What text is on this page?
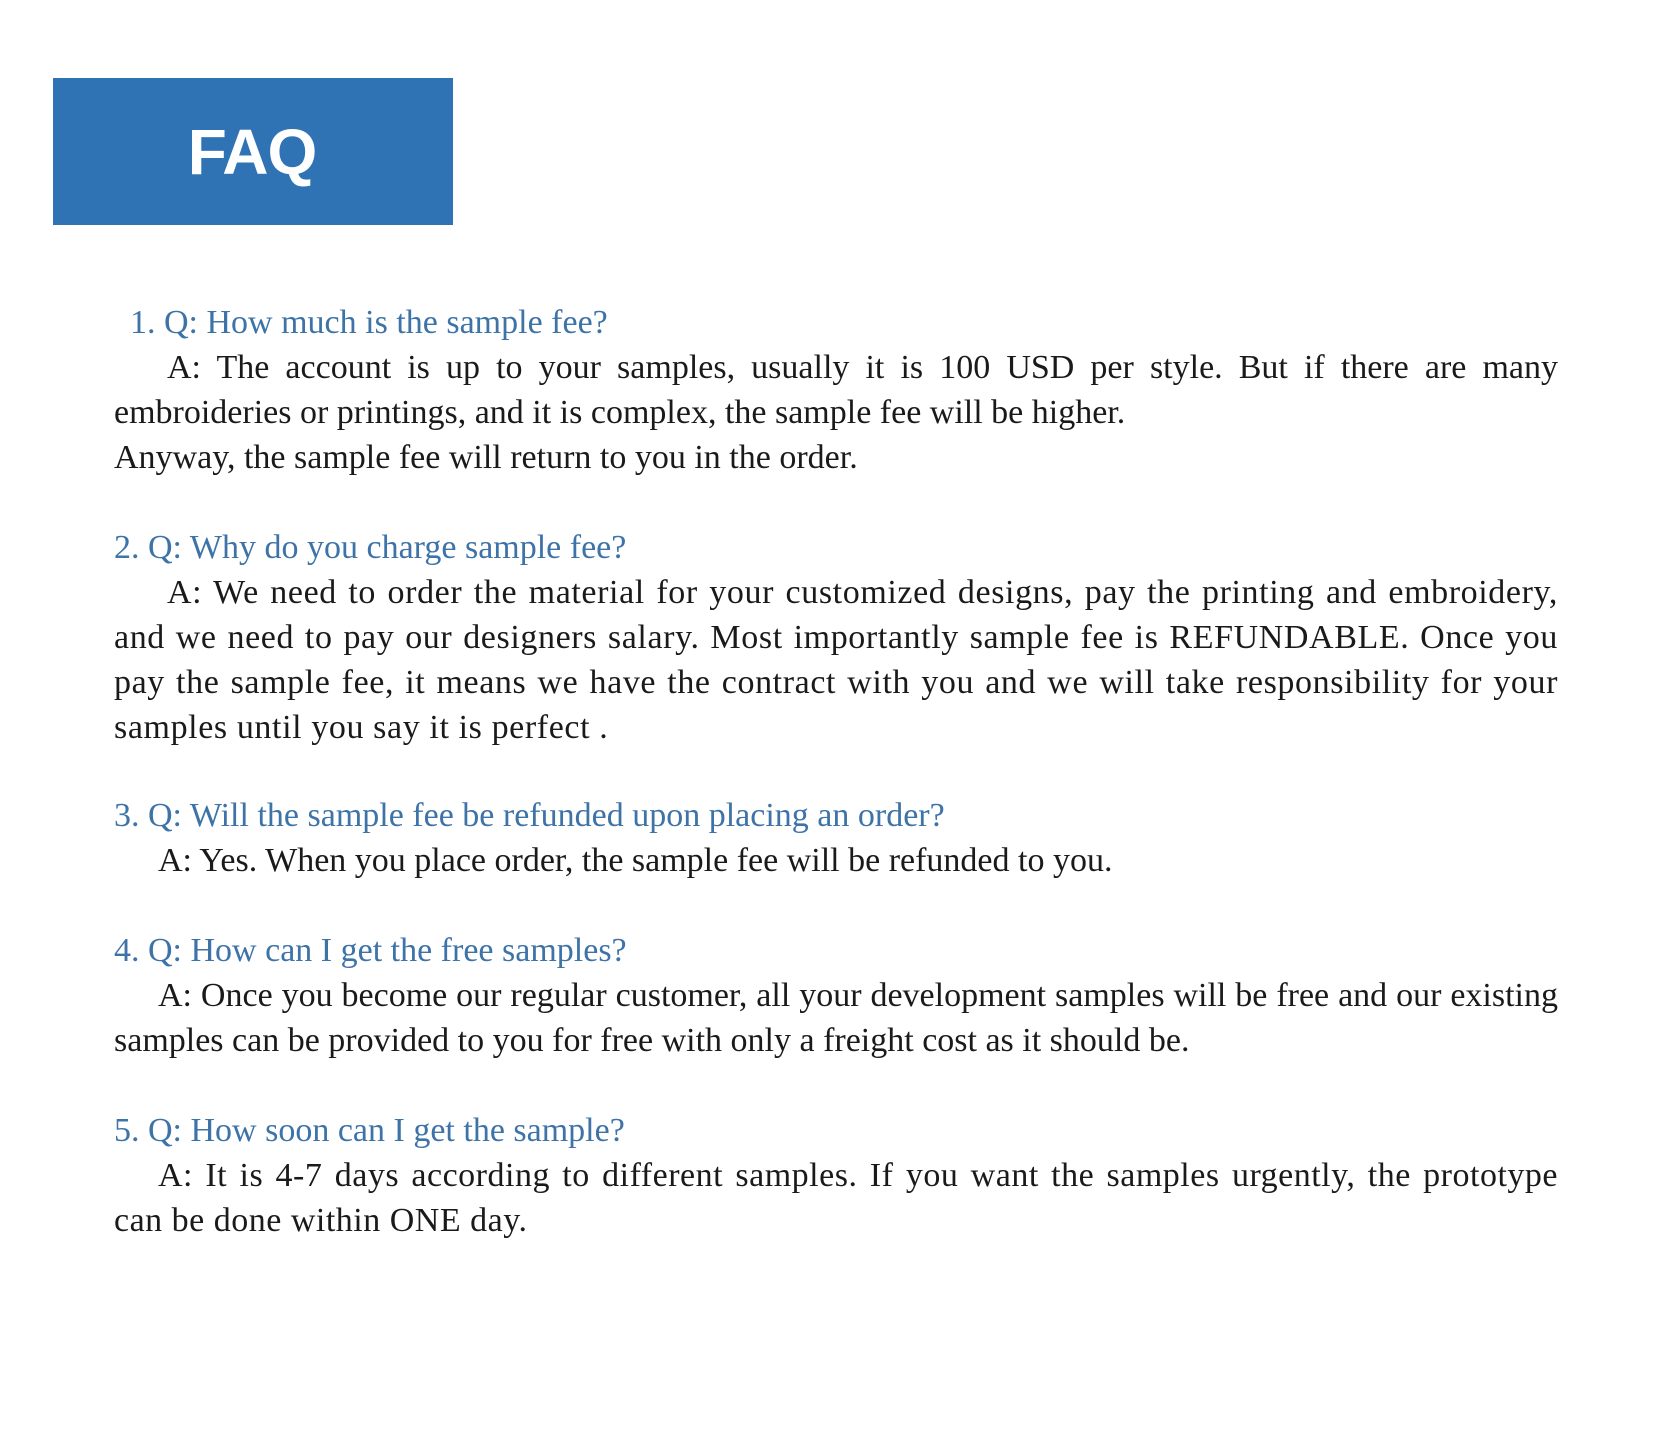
FAQ

1. Q: How much is the sample fee?

A: The account is up to your samples, usually it is 100 USD per style. But if there are many embroideries or printings, and it is complex, the sample fee will be higher.

Anyway, the sample fee will return to you in the order.

2. Q: Why do you charge sample fee?

A: We need to order the material for your customized designs, pay the printing and embroidery, and we need to pay our designers salary. Most importantly sample fee is REFUNDABLE. Once you pay the sample fee, it means we have the contract with you and we will take responsibility for your samples until you say it is perfect .

3. Q: Will the sample fee be refunded upon placing an order?

A: Yes. When you place order, the sample fee will be refunded to you.

4. Q: How can I get the free samples?

A: Once you become our regular customer, all your development samples will be free and our existing samples can be provided to you for free with only a freight cost as it should be.

5. Q: How soon can I get the sample?

A: It is 4-7 days according to different samples. If you want the samples urgently, the prototype can be done within ONE day.
